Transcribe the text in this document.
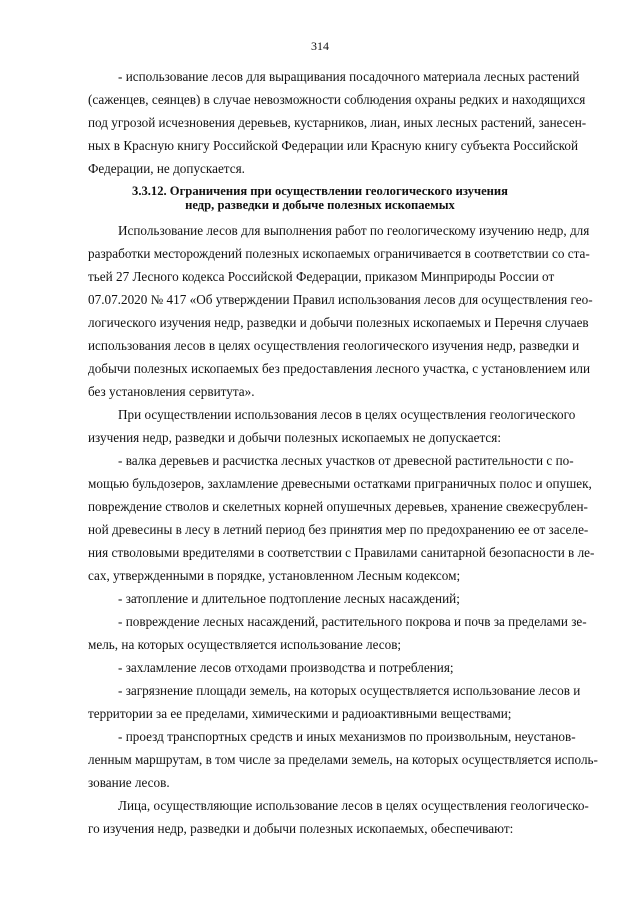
314
- использование лесов для выращивания посадочного материала лесных растений
(саженцев, сеянцев) в случае невозможности соблюдения охраны редких и находящихся
под угрозой исчезновения деревьев, кустарников, лиан, иных лесных растений, занесен-
ных в Красную книгу Российской Федерации или Красную книгу субъекта Российской
Федерации, не допускается.
3.3.12. Ограничения при осуществлении геологического изучения
недр, разведки и добыче полезных ископаемых
Использование лесов для выполнения работ по геологическому изучению недр, для
разработки месторождений полезных ископаемых ограничивается в соответствии со ста-
тьей 27 Лесного кодекса Российской Федерации, приказом Минприроды России от
07.07.2020 № 417 «Об утверждении Правил использования лесов для осуществления гео-
логического изучения недр, разведки и добычи полезных ископаемых и Перечня случаев
использования лесов в целях осуществления геологического изучения недр, разведки и
добычи полезных ископаемых без предоставления лесного участка, с установлением или
без установления сервитута».
При осуществлении использования лесов в целях осуществления геологического
изучения недр, разведки и добычи полезных ископаемых не допускается:
- валка деревьев и расчистка лесных участков от древесной растительности с по-
мощью бульдозеров, захламление древесными остатками приграничных полос и опушек,
повреждение стволов и скелетных корней опушечных деревьев, хранение свежесрублен-
ной древесины в лесу в летний период без принятия мер по предохранению ее от заселе-
ния стволовыми вредителями в соответствии с Правилами санитарной безопасности в ле-
сах, утвержденными в порядке, установленном Лесным кодексом;
- затопление и длительное подтопление лесных насаждений;
- повреждение лесных насаждений, растительного покрова и почв за пределами зе-
мель, на которых осуществляется использование лесов;
- захламление лесов отходами производства и потребления;
- загрязнение площади земель, на которых осуществляется использование лесов и
территории за ее пределами, химическими и радиоактивными веществами;
- проезд транспортных средств и иных механизмов по произвольным, неустанов-
ленным маршрутам, в том числе за пределами земель, на которых осуществляется исполь-
зование лесов.
Лица, осуществляющие использование лесов в целях осуществления геологическо-
го изучения недр, разведки и добычи полезных ископаемых, обеспечивают:
